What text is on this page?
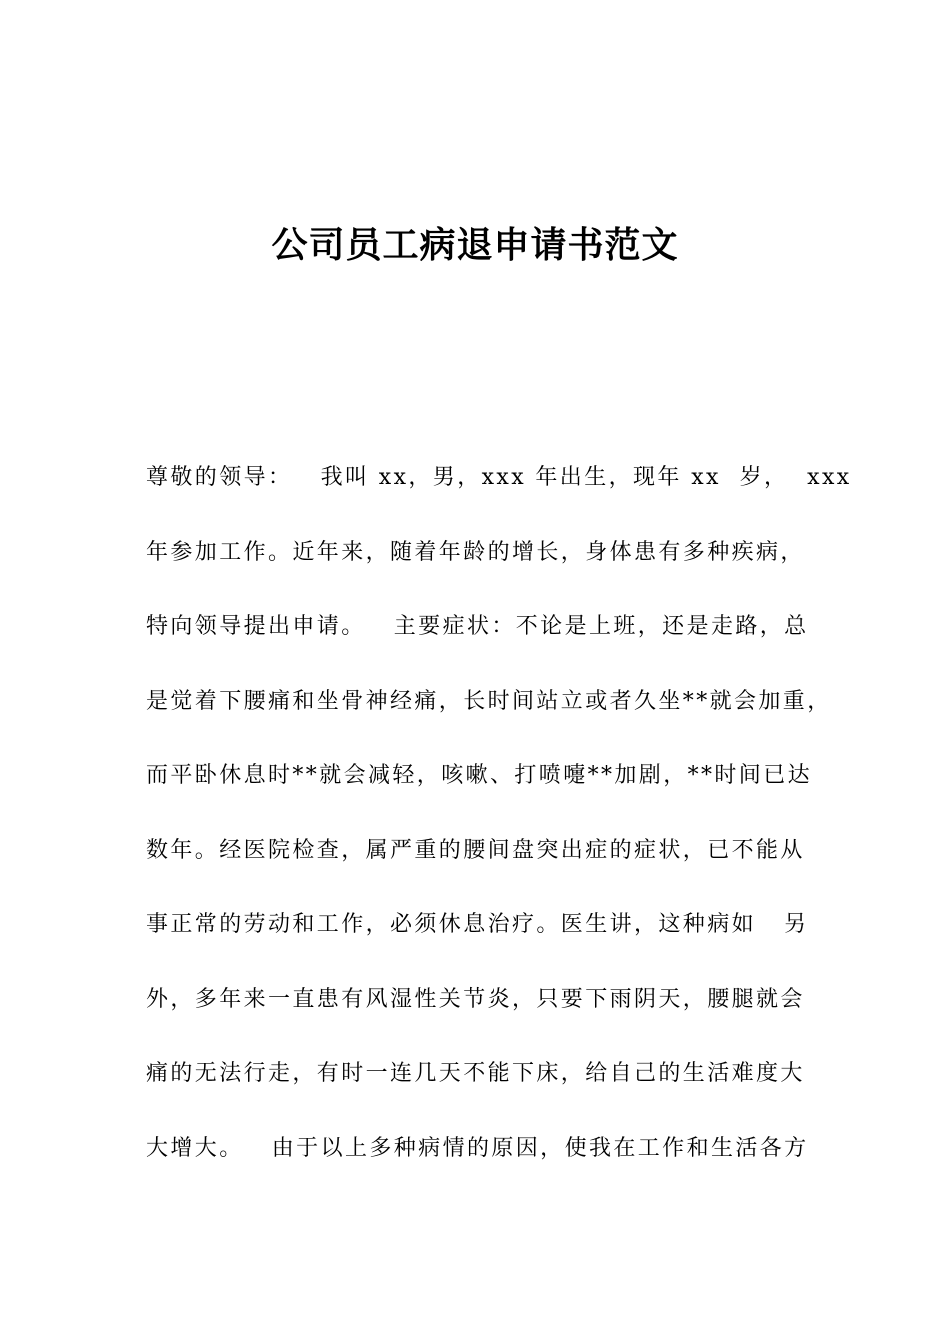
公司员工病退申请书范文
尊敬的领导：   我叫 xx，男，xxx 年出生，现年 xx  岁，  xxx
年参加工作。近年来，随着年龄的增长，身体患有多种疾病，
特向领导提出申请。   主要症状：不论是上班，还是走路，总
是觉着下腰痛和坐骨神经痛，长时间站立或者久坐**就会加重，
而平卧休息时**就会减轻，咳嗽、打喷嚏**加剧，**时间已达
数年。经医院检查，属严重的腰间盘突出症的症状，已不能从
事正常的劳动和工作，必须休息治疗。医生讲，这种病如   另
外，多年来一直患有风湿性关节炎，只要下雨阴天，腰腿就会
痛的无法行走，有时一连几天不能下床，给自己的生活难度大
大增大。   由于以上多种病情的原因，使我在工作和生活各方
